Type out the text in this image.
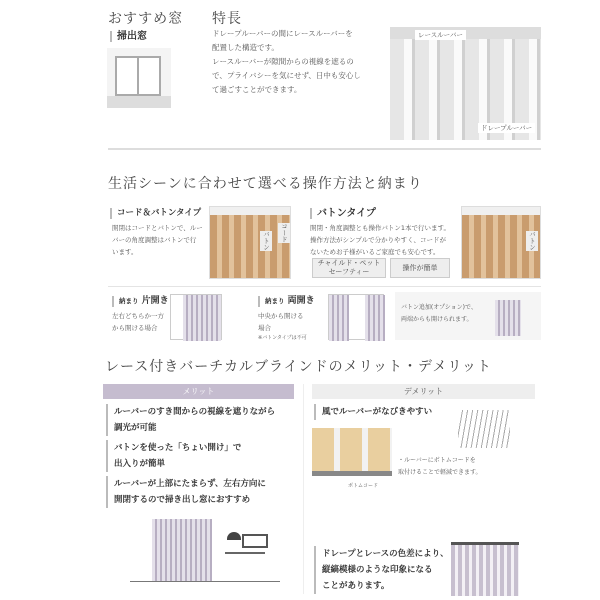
おすすめ窓
掃出窓
特長
ドレープルーバーの間にレースルーバーを
配置した構造です。
レースルーバーが隙間からの視線を遮るの
で、プライバシーを気にせず、日中も安心し
て過ごすことができます。
レースルーバー
ドレープルーバー
生活シーンに合わせて選べる操作方法と納まり
コード＆バトンタイプ
開閉はコードとバトンで、ルー
バーの角度調整はバトンで行
います。
コード
バトン
バトンタイプ
開閉・角度調整とも操作バトン1本で行います。
操作方法がシンプルで分かりやすく、コードが
ないためお子様がいるご家庭でも安心です。
チャイルド・ペット
セーフティー
操作が簡単
バトン
納まり 片開き
左右どちらか一方
から開ける場合
納まり 両開き
中央から開ける
場合
※バトンタイプは不可
バトン追加(オプション)で、
両端からも開けられます。
レース付きバーチカルブラインドのメリット・デメリット
メリット	デメリット
ルーバーのすき間からの視線を遮りながら
調光が可能
バトンを使った「ちょい開け」で
出入りが簡単
ルーバーが上部にたまらず、左右方向に
開閉するので掃き出し窓におすすめ
風でルーバーがなびきやすい
・ルーバーにボトムコードを
取付けることで軽減できます。
ボトムコード
ドレープとレースの色差により、
縦縞模様のような印象になる
ことがあります。
